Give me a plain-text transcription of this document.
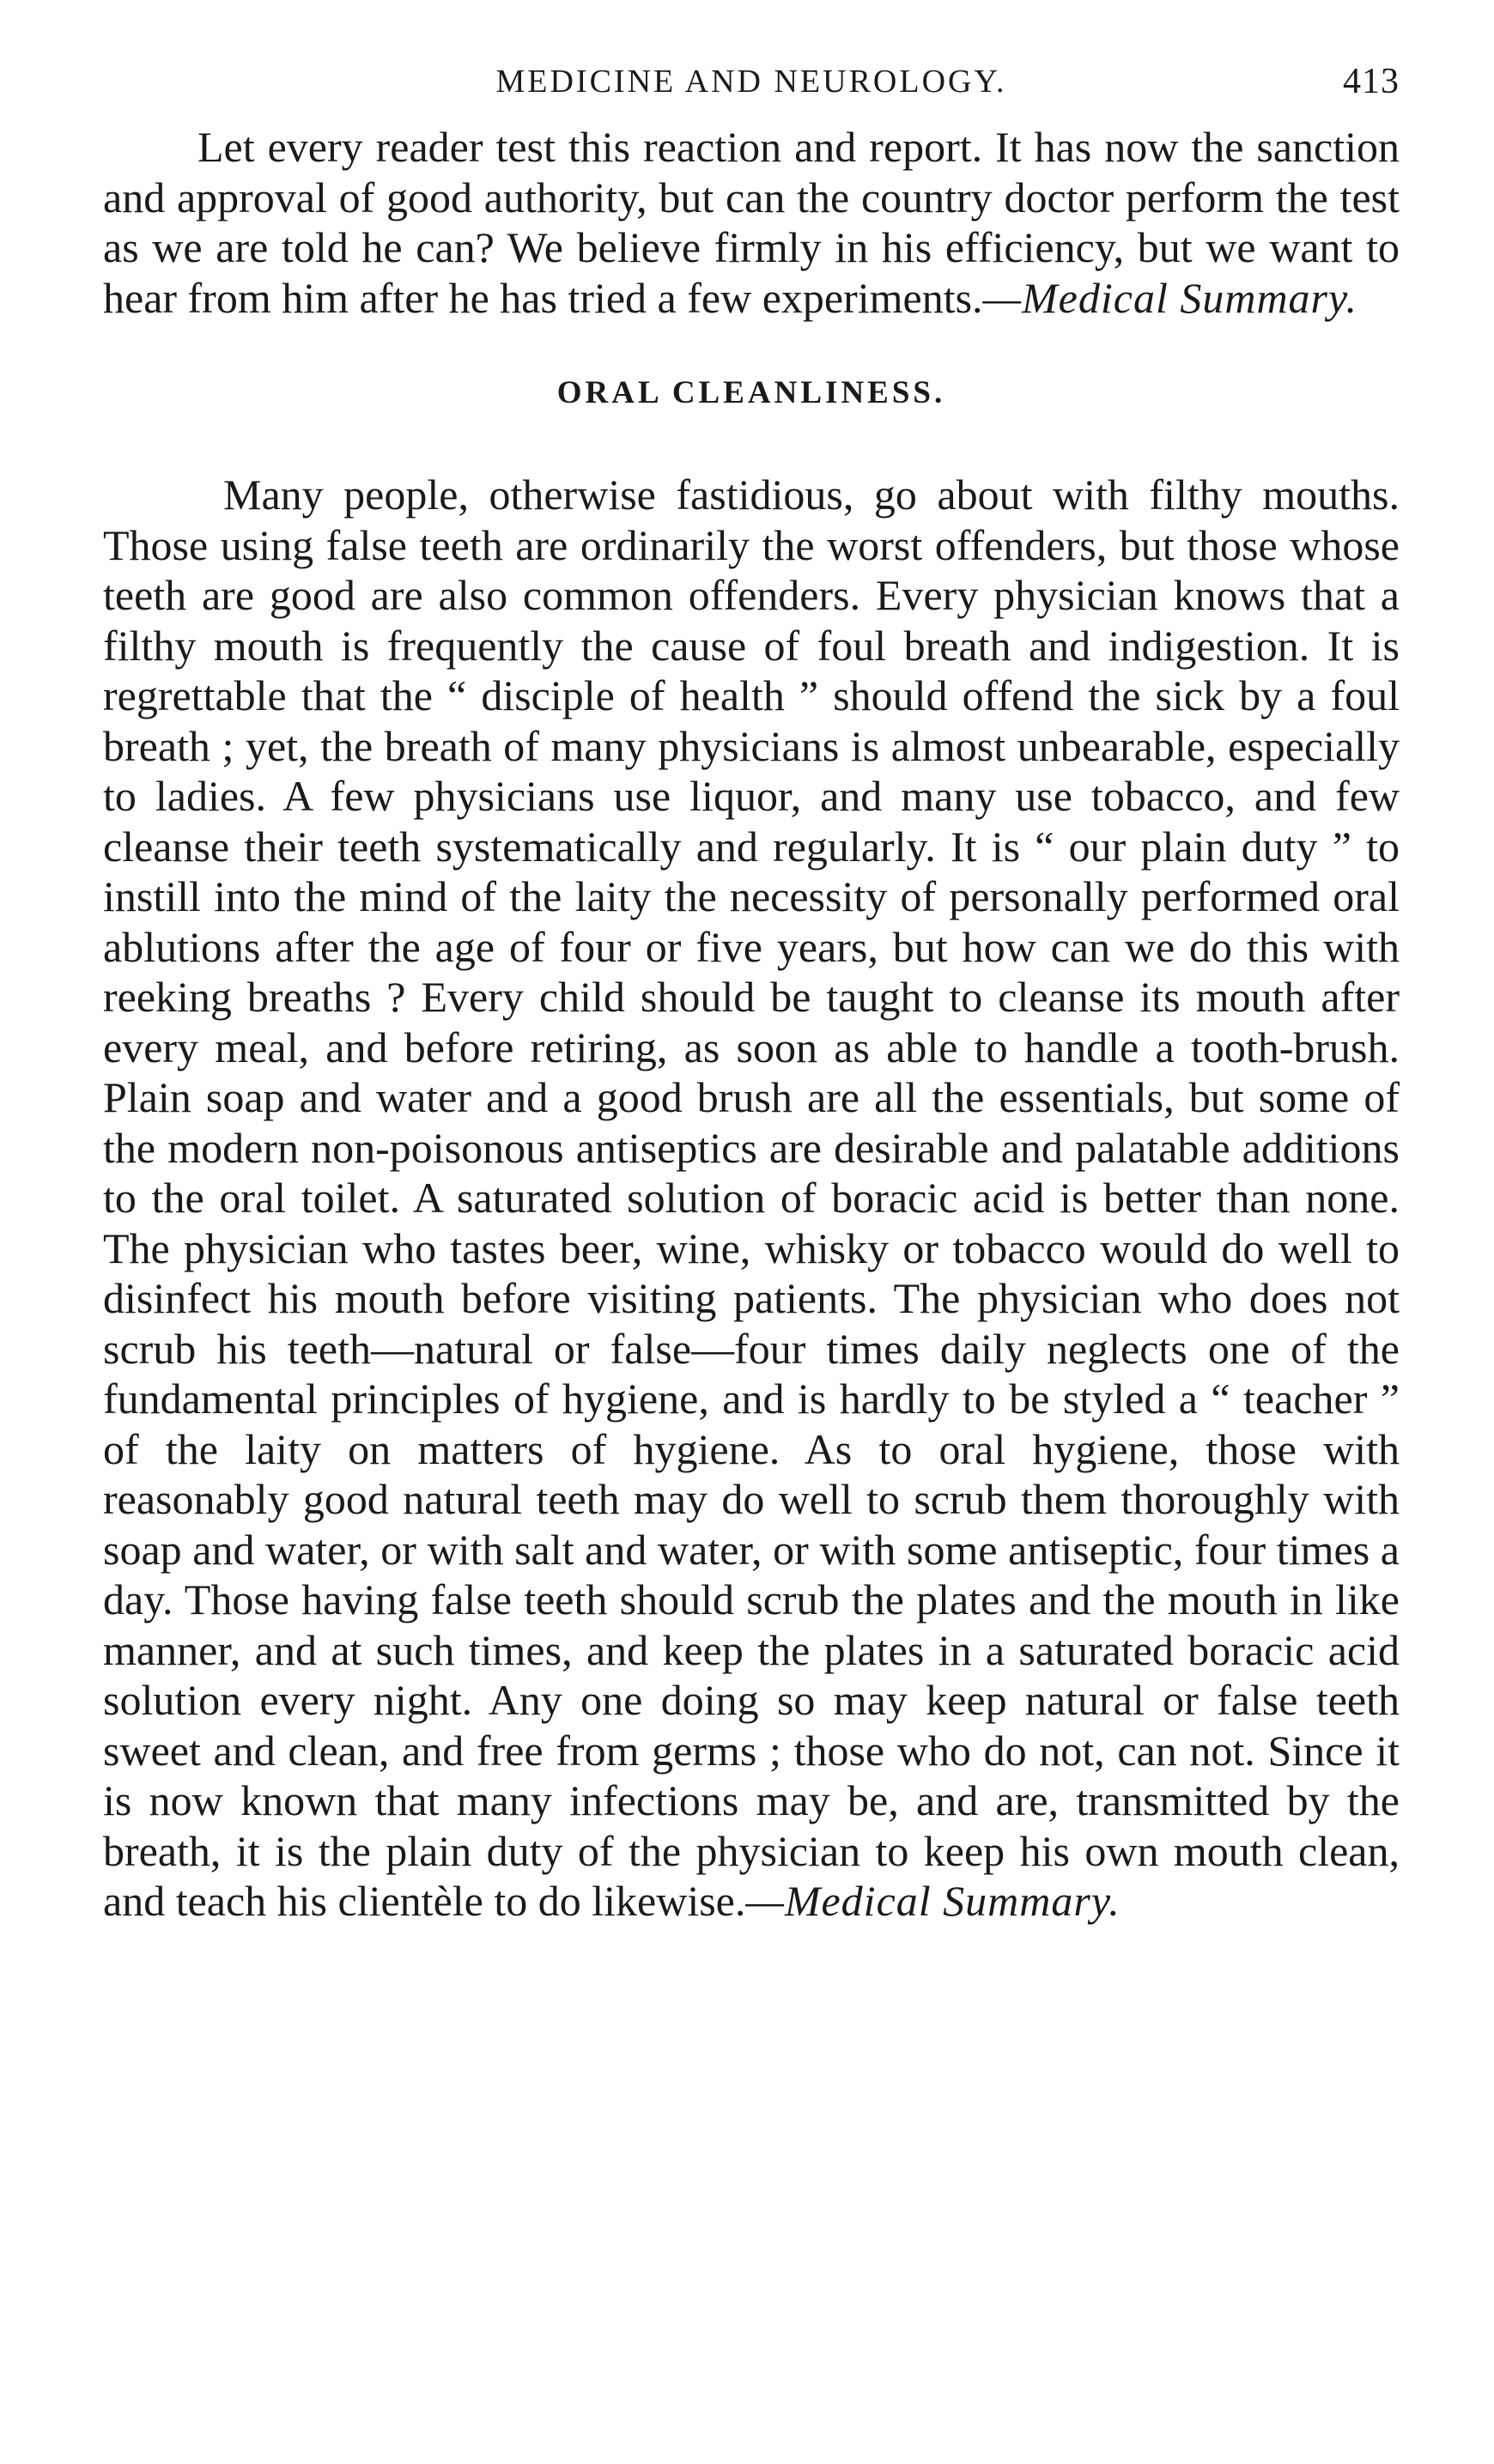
MEDICINE AND NEUROLOGY.	413

Let every reader test this reaction and report. It has now the sanction and approval of good authority, but can the country doctor perform the test as we are told he can? We believe firmly in his efficiency, but we want to hear from him after he has tried a few experiments.—Medical Summary.

ORAL CLEANLINESS.

Many people, otherwise fastidious, go about with filthy mouths. Those using false teeth are ordinarily the worst offenders, but those whose teeth are good are also common offenders. Every physician knows that a filthy mouth is frequently the cause of foul breath and indigestion. It is regrettable that the “ disciple of health ” should offend the sick by a foul breath ; yet, the breath of many physicians is almost unbearable, especially to ladies. A few physicians use liquor, and many use tobacco, and few cleanse their teeth systematically and regularly. It is “ our plain duty ” to instill into the mind of the laity the necessity of personally performed oral ablutions after the age of four or five years, but how can we do this with reeking breaths ? Every child should be taught to cleanse its mouth after every meal, and before retiring, as soon as able to handle a tooth-brush. Plain soap and water and a good brush are all the essentials, but some of the modern non-poisonous antiseptics are desirable and palatable additions to the oral toilet. A saturated solution of boracic acid is better than none. The physician who tastes beer, wine, whisky or tobacco would do well to disinfect his mouth before visiting patients. The physician who does not scrub his teeth—natural or false—four times daily neglects one of the fundamental principles of hygiene, and is hardly to be styled a “ teacher ” of the laity on matters of hygiene. As to oral hygiene, those with reasonably good natural teeth may do well to scrub them thoroughly with soap and water, or with salt and water, or with some antiseptic, four times a day. Those having false teeth should scrub the plates and the mouth in like manner, and at such times, and keep the plates in a saturated boracic acid solution every night. Any one doing so may keep natural or false teeth sweet and clean, and free from germs ; those who do not, can not. Since it is now known that many infections may be, and are, transmitted by the breath, it is the plain duty of the physician to keep his own mouth clean, and teach his clientèle to do likewise.—Medical Summary.
